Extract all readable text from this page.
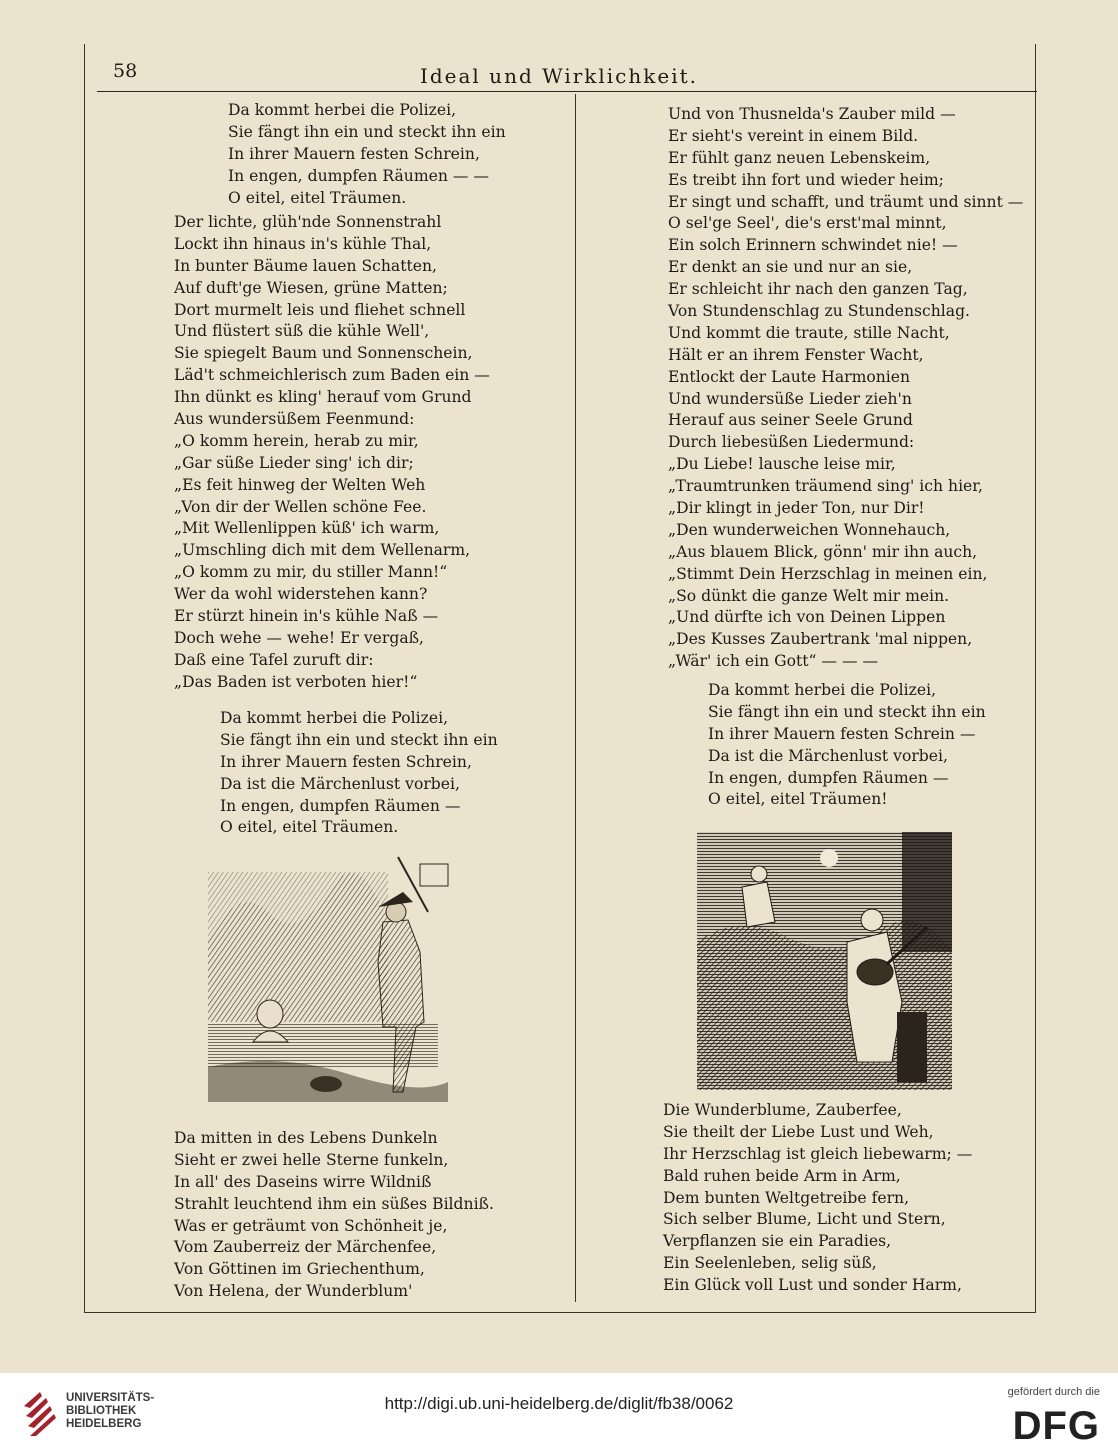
58	Ideal und Wirklichkeit.
Da kommt herbei die Polizei,
Sie fängt ihn ein und steckt ihn ein
In ihrer Mauern festen Schrein,
In engen, dumpfen Räumen — —
O eitel, eitel Träumen.
Der lichte, glüh'nde Sonnenstrahl
Lockt ihn hinaus in's kühle Thal,
In bunter Bäume lauen Schatten,
Auf duft'ge Wiesen, grüne Matten;
Dort murmelt leis und fliehet schnell
Und flüstert süß die kühle Well',
Sie spiegelt Baum und Sonnenschein,
Läd't schmeichlerisch zum Baden ein —
Ihn dünkt es kling' herauf vom Grund
Aus wundersüßem Feenmund:
„O komm herein, herab zu mir,
„Gar süße Lieder sing' ich dir;
„Es feit hinweg der Welten Weh
„Von dir der Wellen schöne Fee.
„Mit Wellenlippen küß' ich warm,
„Umschling dich mit dem Wellenarm,
„O komm zu mir, du stiller Mann!“
Wer da wohl widerstehen kann?
Er stürzt hinein in's kühle Naß —
Doch wehe — wehe! Er vergaß,
Daß eine Tafel zuruft dir:
„Das Baden ist verboten hier!“
Da kommt herbei die Polizei,
Sie fängt ihn ein und steckt ihn ein
In ihrer Mauern festen Schrein,
Da ist die Märchenlust vorbei,
In engen, dumpfen Räumen —
O eitel, eitel Träumen.
Da mitten in des Lebens Dunkeln
Sieht er zwei helle Sterne funkeln,
In all' des Daseins wirre Wildniß
Strahlt leuchtend ihm ein süßes Bildniß.
Was er geträumt von Schönheit je,
Vom Zauberreiz der Märchenfee,
Von Göttinen im Griechenthum,
Von Helena, der Wunderblum'
Und von Thusnelda's Zauber mild —
Er sieht's vereint in einem Bild.
Er fühlt ganz neuen Lebenskeim,
Es treibt ihn fort und wieder heim;
Er singt und schafft, und träumt und sinnt —
O sel'ge Seel', die's erst'mal minnt,
Ein solch Erinnern schwindet nie! —
Er denkt an sie und nur an sie,
Er schleicht ihr nach den ganzen Tag,
Von Stundenschlag zu Stundenschlag.
Und kommt die traute, stille Nacht,
Hält er an ihrem Fenster Wacht,
Entlockt der Laute Harmonien
Und wundersüße Lieder zieh'n
Herauf aus seiner Seele Grund
Durch liebesüßen Liedermund:
„Du Liebe! lausche leise mir,
„Traumtrunken träumend sing' ich hier,
„Dir klingt in jeder Ton, nur Dir!
„Den wunderweichen Wonnehauch,
„Aus blauem Blick, gönn' mir ihn auch,
„Stimmt Dein Herzschlag in meinen ein,
„So dünkt die ganze Welt mir mein.
„Und dürfte ich von Deinen Lippen
„Des Kusses Zaubertrank 'mal nippen,
„Wär' ich ein Gott“ — — —
Da kommt herbei die Polizei,
Sie fängt ihn ein und steckt ihn ein
In ihrer Mauern festen Schrein —
Da ist die Märchenlust vorbei,
In engen, dumpfen Räumen —
O eitel, eitel Träumen!
Die Wunderblume, Zauberfee,
Sie theilt der Liebe Lust und Weh,
Ihr Herzschlag ist gleich liebewarm; —
Bald ruhen beide Arm in Arm,
Dem bunten Weltgetreibe fern,
Sich selber Blume, Licht und Stern,
Verpflanzen sie ein Paradies,
Ein Seelenleben, selig süß,
Ein Glück voll Lust und sonder Harm,
UNIVERSITÄTS-
BIBLIOTHEK
HEIDELBERG
http://digi.ub.uni-heidelberg.de/diglit/fb38/0062
gefördert durch die
DFG
